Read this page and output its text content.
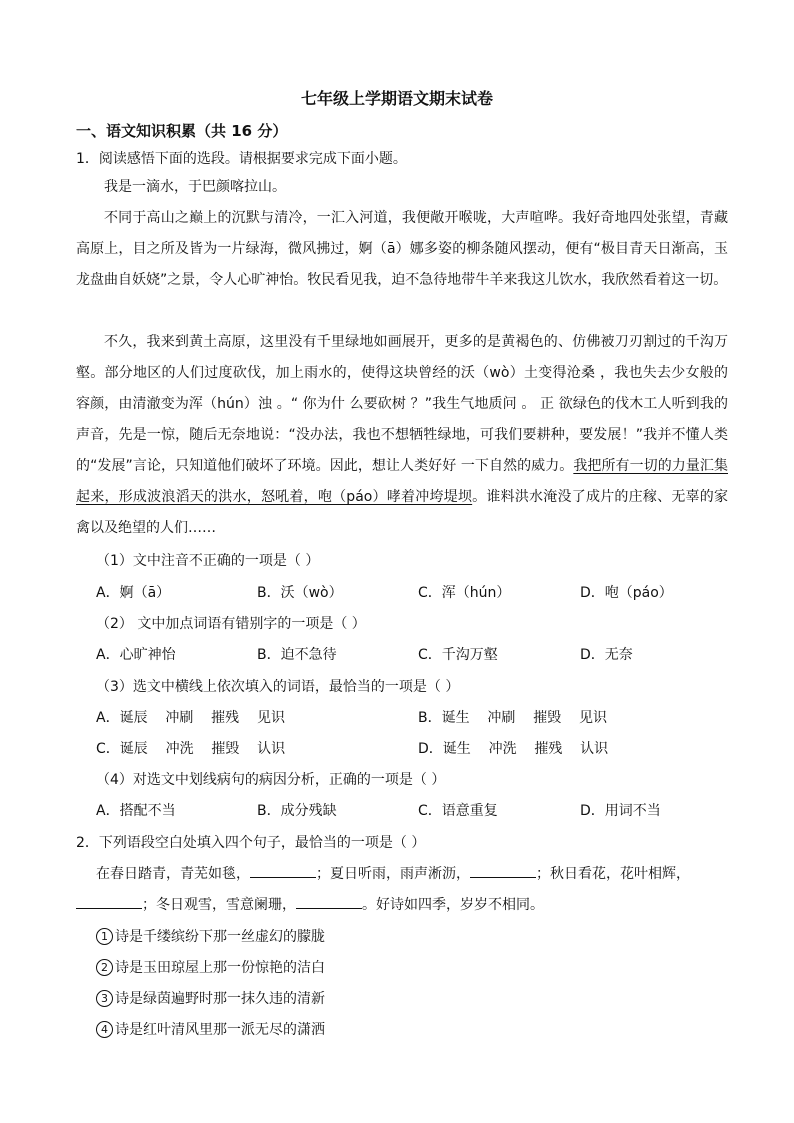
七年级上学期语文期末试卷
一、语文知识积累（共 16 分）
1．阅读感悟下面的选段。请根据要求完成下面小题。
我是一滴水，于巴颜喀拉山。
不同于高山之巅上的沉默与清冷，一汇入河道，我便敞开喉咙，大声喧哗。我好奇地四处张望，青藏高原上，目之所及皆为一片绿海，微风拂过，婀（ā）娜多姿的柳条随风摆动，便有“极目青天日渐高，玉龙盘曲自妖娆”之景，令人心旷神怡。牧民看见我，迫不急待地带牛羊来我这儿饮水，我欣然看着这一切。
不久，我来到黄土高原，这里没有千里绿地如画展开，更多的是黄褐色的、仿佛被刀刃割过的千沟万壑。部分地区的人们过度砍伐，加上雨水的，使得这块曾经的沃（wò）土变得沧桑 ，我也失去少女般的容颜，由清澈变为浑（hún）浊 。“ 你为什 么要砍树 ？”我生气地质问 。 正 欲绿色的伐木工人听到我的声音，先是一惊，随后无奈地说：“没办法，我也不想牺牲绿地，可我们要耕种，要发展！”我并不懂人类的“发展”言论，只知道他们破坏了环境。因此，想让人类好好 一下自然的威力。我把所有一切的力量汇集起来，形成波浪滔天的洪水，怒吼着，咆（páo）哮着冲垮堤坝。谁料洪水淹没了成片的庄稼、无辜的家禽以及绝望的人们……
（1）文中注音不正确的一项是（ ）
A．婀（ā）	B．沃（wò）	C．浑（hún）	D．咆（páo）
（2） 文中加点词语有错别字的一项是（ ）
A．心旷神怡	B．迫不急待	C．千沟万壑	D．无奈
（3）选文中横线上依次填入的词语，最恰当的一项是（ ）
A．诞辰    冲刷    摧残    见识	B．诞生    冲刷    摧毁    见识
C．诞辰    冲洗    摧毁    认识	D．诞生    冲洗    摧残    认识
（4）对选文中划线病句的病因分析，正确的一项是（ ）
A．搭配不当	B．成分残缺	C．语意重复	D．用词不当
2．下列语段空白处填入四个句子，最恰当的一项是（ ）
在春日踏青，青芜如毯，	；夏日听雨，雨声淅沥，	；秋日看花，花叶相辉，
；冬日观雪，雪意阑珊，	。好诗如四季，岁岁不相同。
1 诗是千缕缤纷下那一丝虚幻的朦胧
2 诗是玉田琼屋上那一份惊艳的洁白
3 诗是绿茵遍野时那一抹久违的清新
4 诗是红叶清风里那一派无尽的潇洒
